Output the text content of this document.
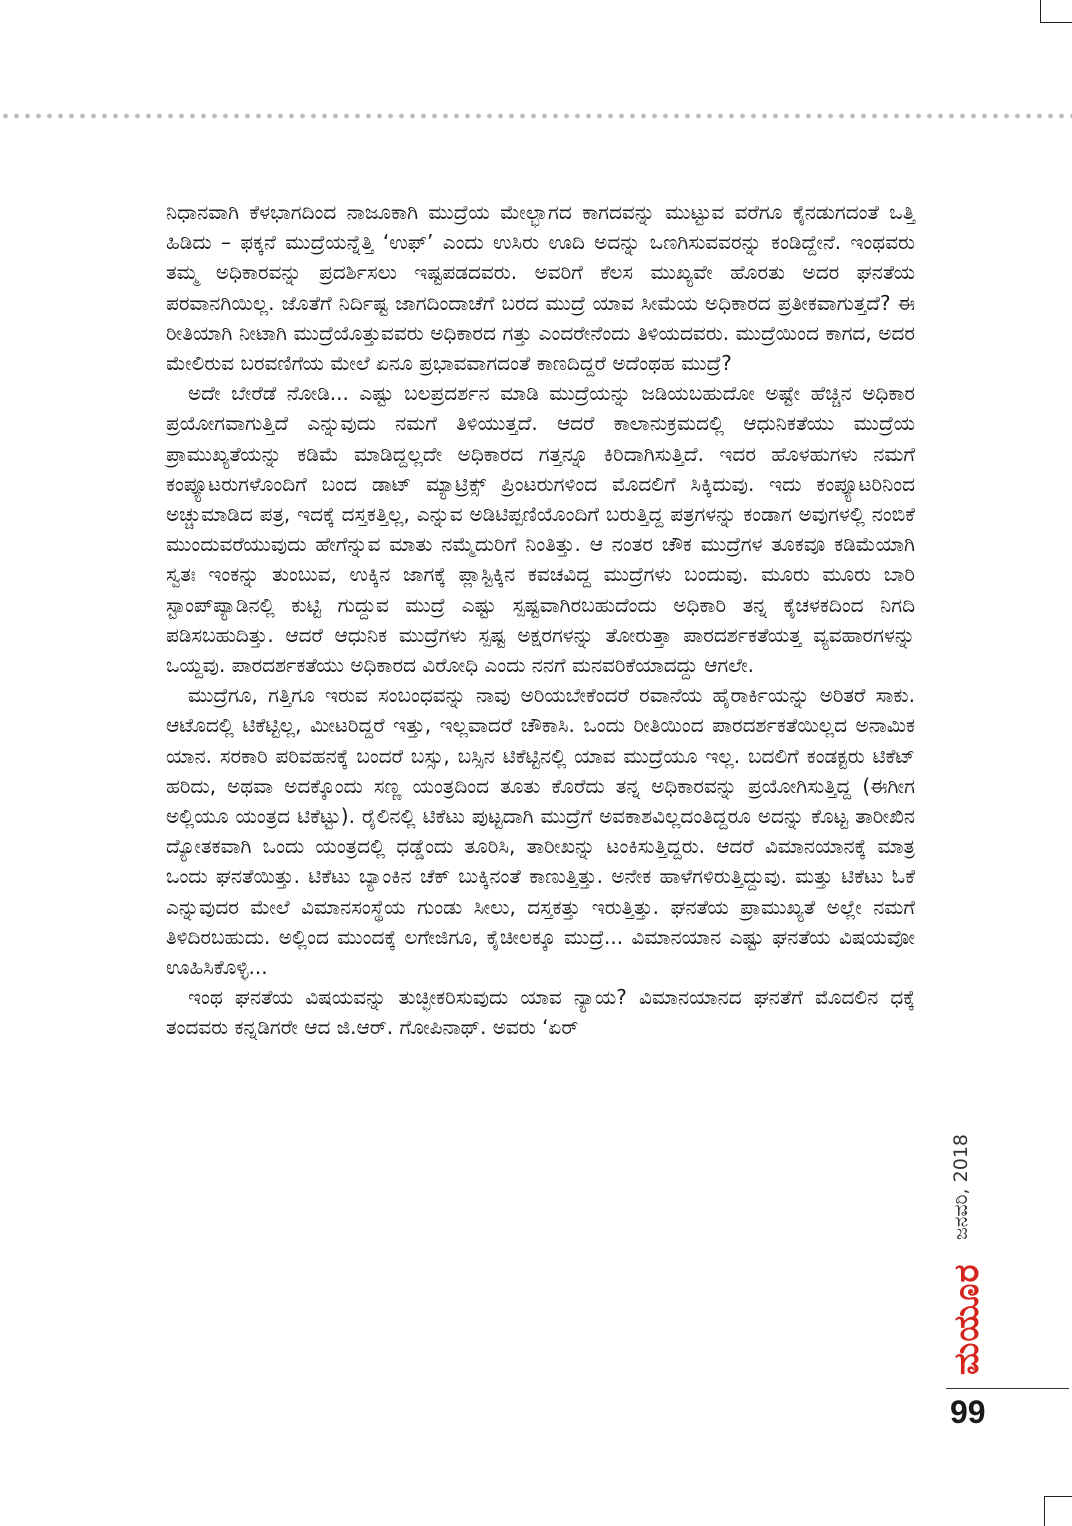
ನಿಧಾನವಾಗಿ ಕೆಳಭಾಗದಿಂದ ನಾಜೂಕಾಗಿ ಮುದ್ರೆಯ ಮೇಲ್ಭಾಗದ ಕಾಗದವನ್ನು ಮುಟ್ಟುವ ವರೆಗೂ ಕೈನಡುಗದಂತೆ ಒತ್ತಿ ಹಿಡಿದು – ಫಕ್ಕನೆ ಮುದ್ರೆಯನ್ನೆತ್ತಿ ‘ಉಫ್’ ಎಂದು ಉಸಿರು ಊದಿ ಅದನ್ನು ಒಣಗಿಸುವವರನ್ನು ಕಂಡಿದ್ದೇನೆ. ಇಂಥವರು ತಮ್ಮ ಅಧಿಕಾರವನ್ನು ಪ್ರದರ್ಶಿಸಲು ಇಷ್ಟಪಡದವರು. ಅವರಿಗೆ ಕೆಲಸ ಮುಖ್ಯವೇ ಹೊರತು ಅದರ ಘನತೆಯ ಪರವಾನಗಿಯಿಲ್ಲ. ಜೊತೆಗೆ ನಿರ್ದಿಷ್ಟ ಜಾಗದಿಂದಾಚೆಗೆ ಬರದ ಮುದ್ರೆ ಯಾವ ಸೀಮೆಯ ಅಧಿಕಾರದ ಪ್ರತೀಕವಾಗುತ್ತದೆ? ಈ ರೀತಿಯಾಗಿ ನೀಟಾಗಿ ಮುದ್ರೆಯೊತ್ತುವವರು ಅಧಿಕಾರದ ಗತ್ತು ಎಂದರೇನೆಂದು ತಿಳಿಯದವರು. ಮುದ್ರೆಯಿಂದ ಕಾಗದ, ಅದರ ಮೇಲಿರುವ ಬರವಣಿಗೆಯ ಮೇಲೆ ಏನೂ ಪ್ರಭಾವವಾಗದಂತೆ ಕಾಣದಿದ್ದರೆ ಅದೆಂಥಹ ಮುದ್ರೆ?

ಅದೇ ಬೇರೆಡೆ ನೋಡಿ... ಎಷ್ಟು ಬಲಪ್ರದರ್ಶನ ಮಾಡಿ ಮುದ್ರೆಯನ್ನು ಜಡಿಯಬಹುದೋ ಅಷ್ಟೇ ಹೆಚ್ಚಿನ ಅಧಿಕಾರ ಪ್ರಯೋಗವಾಗುತ್ತಿದೆ ಎನ್ನುವುದು ನಮಗೆ ತಿಳಿಯುತ್ತದೆ. ಆದರೆ ಕಾಲಾನುಕ್ರಮದಲ್ಲಿ ಆಧುನಿಕತೆಯು ಮುದ್ರೆಯ ಪ್ರಾಮುಖ್ಯತೆಯನ್ನು ಕಡಿಮೆ ಮಾಡಿದ್ದಲ್ಲದೇ ಅಧಿಕಾರದ ಗತ್ತನ್ನೂ ಕಿರಿದಾಗಿಸುತ್ತಿದೆ. ಇದರ ಹೊಳಹುಗಳು ನಮಗೆ ಕಂಪ್ಯೂಟರುಗಳೊಂದಿಗೆ ಬಂದ ಡಾಟ್ ಮ್ಯಾಟ್ರಿಕ್ಸ್ ಪ್ರಿಂಟರುಗಳಿಂದ ಮೊದಲಿಗೆ ಸಿಕ್ಕಿದುವು. ಇದು ಕಂಪ್ಯೂಟರಿನಿಂದ ಅಚ್ಚುಮಾಡಿದ ಪತ್ರ, ಇದಕ್ಕೆ ದಸ್ತಕತ್ತಿಲ್ಲ, ಎನ್ನುವ ಅಡಿಟಿಪ್ಪಣಿಯೊಂದಿಗೆ ಬರುತ್ತಿದ್ದ ಪತ್ರಗಳನ್ನು ಕಂಡಾಗ ಅವುಗಳಲ್ಲಿ ನಂಬಿಕೆ ಮುಂದುವರೆಯುವುದು ಹೇಗೆನ್ನುವ ಮಾತು ನಮ್ಮೆದುರಿಗೆ ನಿಂತಿತ್ತು. ಆ ನಂತರ ಚೌಕ ಮುದ್ರೆಗಳ ತೂಕವೂ ಕಡಿಮೆಯಾಗಿ ಸ್ವತಃ ಇಂಕನ್ನು ತುಂಬುವ, ಉಕ್ಕಿನ ಜಾಗಕ್ಕೆ ಪ್ಲಾಸ್ಟಿಕ್ಕಿನ ಕವಚವಿದ್ದ ಮುದ್ರೆಗಳು ಬಂದುವು. ಮೂರು ಮೂರು ಬಾರಿ ಸ್ಟಾಂಪ್‌ಪ್ಯಾಡಿನಲ್ಲಿ ಕುಟ್ಟಿ ಗುದ್ದುವ ಮುದ್ರೆ ಎಷ್ಟು ಸ್ಪಷ್ಟವಾಗಿರಬಹುದೆಂದು ಅಧಿಕಾರಿ ತನ್ನ ಕೈಚಳಕದಿಂದ ನಿಗದಿ ಪಡಿಸಬಹುದಿತ್ತು. ಆದರೆ ಆಧುನಿಕ ಮುದ್ರೆಗಳು ಸ್ಪಷ್ಟ ಅಕ್ಷರಗಳನ್ನು ತೋರುತ್ತಾ ಪಾರದರ್ಶಕತೆಯತ್ತ ವ್ಯವಹಾರಗಳನ್ನು ಒಯ್ದವು. ಪಾರದರ್ಶಕತೆಯು ಅಧಿಕಾರದ ವಿರೋಧಿ ಎಂದು ನನಗೆ ಮನವರಿಕೆಯಾದದ್ದು ಆಗಲೇ.

ಮುದ್ರೆಗೂ, ಗತ್ತಿಗೂ ಇರುವ ಸಂಬಂಧವನ್ನು ನಾವು ಅರಿಯಬೇಕೆಂದರೆ ರವಾನೆಯ ಹೈರಾರ್ಕಿಯನ್ನು ಅರಿತರೆ ಸಾಕು. ಆಟೊದಲ್ಲಿ ಟಿಕೆಟ್ಟಿಲ್ಲ, ಮೀಟರಿದ್ದರೆ ಇತ್ತು, ಇಲ್ಲವಾದರೆ ಚೌಕಾಸಿ. ಒಂದು ರೀತಿಯಿಂದ ಪಾರದರ್ಶಕತೆಯಿಲ್ಲದ ಅನಾಮಿಕ ಯಾನ. ಸರಕಾರಿ ಪರಿವಹನಕ್ಕೆ ಬಂದರೆ ಬಸ್ಸು, ಬಸ್ಸಿನ ಟಿಕೆಟ್ಟಿನಲ್ಲಿ ಯಾವ ಮುದ್ರೆಯೂ ಇಲ್ಲ. ಬದಲಿಗೆ ಕಂಡಕ್ಟರು ಟಿಕೆಟ್ ಹರಿದು, ಅಥವಾ ಅದಕ್ಕೊಂದು ಸಣ್ಣ ಯಂತ್ರದಿಂದ ತೂತು ಕೊರೆದು ತನ್ನ ಅಧಿಕಾರವನ್ನು ಪ್ರಯೋಗಿಸುತ್ತಿದ್ದ (ಈಗೀಗ ಅಲ್ಲಿಯೂ ಯಂತ್ರದ ಟಿಕೆಟ್ಟು). ರೈಲಿನಲ್ಲಿ ಟಿಕೆಟು ಪುಟ್ಟದಾಗಿ ಮುದ್ರೆಗೆ ಅವಕಾಶವಿಲ್ಲದಂತಿದ್ದರೂ ಅದನ್ನು ಕೊಟ್ಟ ತಾರೀಖಿನ ದ್ಯೋತಕವಾಗಿ ಒಂದು ಯಂತ್ರದಲ್ಲಿ ಧಡ್ಡೆಂದು ತೂರಿಸಿ, ತಾರೀಖನ್ನು ಟಂಕಿಸುತ್ತಿದ್ದರು. ಆದರೆ ವಿಮಾನಯಾನಕ್ಕೆ ಮಾತ್ರ ಒಂದು ಘನತೆಯಿತ್ತು. ಟಿಕೆಟು ಬ್ಯಾಂಕಿನ ಚೆಕ್ ಬುಕ್ಕಿನಂತೆ ಕಾಣುತ್ತಿತ್ತು. ಅನೇಕ ಹಾಳೆಗಳಿರುತ್ತಿದ್ದುವು. ಮತ್ತು ಟಿಕೆಟು ಓಕೆ ಎನ್ನುವುದರ ಮೇಲೆ ವಿಮಾನಸಂಸ್ಥೆಯ ಗುಂಡು ಸೀಲು, ದಸ್ತಕತ್ತು ಇರುತ್ತಿತ್ತು. ಘನತೆಯ ಪ್ರಾಮುಖ್ಯತೆ ಅಲ್ಲೇ ನಮಗೆ ತಿಳಿದಿರಬಹುದು. ಅಲ್ಲಿಂದ ಮುಂದಕ್ಕೆ ಲಗೇಜಿಗೂ, ಕೈಚೀಲಕ್ಕೂ ಮುದ್ರೆ... ವಿಮಾನಯಾನ ಎಷ್ಟು ಘನತೆಯ ವಿಷಯವೋ ಊಹಿಸಿಕೊಳ್ಳಿ...

ಇಂಥ ಘನತೆಯ ವಿಷಯವನ್ನು ತುಚ್ಛೀಕರಿಸುವುದು ಯಾವ ನ್ಯಾಯ? ವಿಮಾನಯಾನದ ಘನತೆಗೆ ಮೊದಲಿನ ಧಕ್ಕೆ ತಂದವರು ಕನ್ನಡಿಗರೇ ಆದ ಜಿ.ಆರ್. ಗೋಪಿನಾಥ್. ಅವರು ‘ಏರ್

ಜನವರಿ, 2018
ಮಯೂರ
99
